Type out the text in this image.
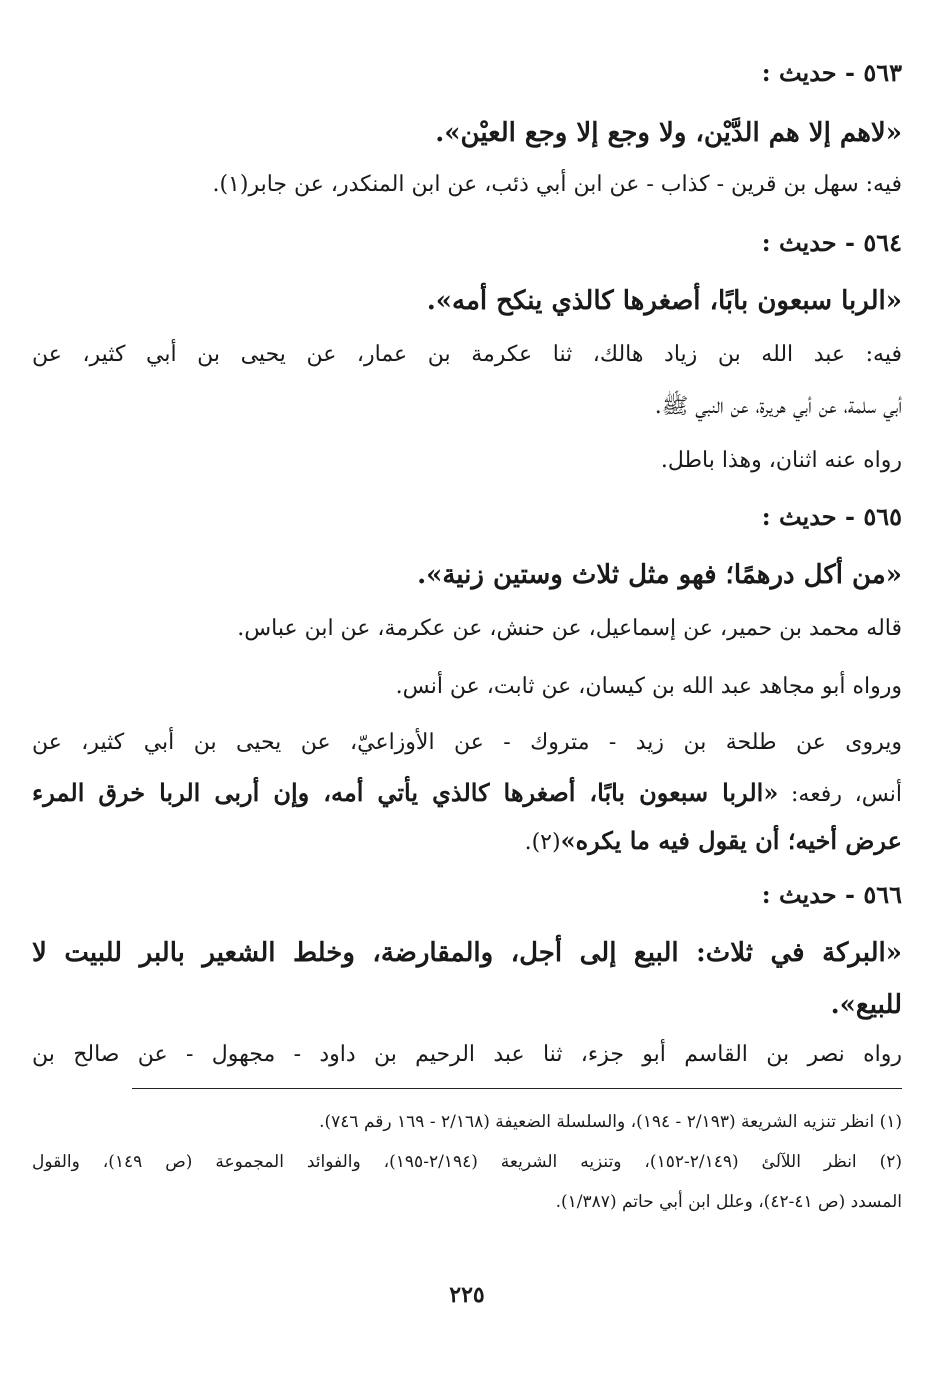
٥٦٣ - حديث :
«لاهم إلا هم الدَّيْن، ولا وجع إلا وجع العيْن».
فيه: سهل بن قرين - كذاب - عن ابن أبي ذئب، عن ابن المنكدر، عن جابر(١).
٥٦٤ - حديث :
«الربا سبعون بابًا، أصغرها كالذي ينكح أمه».
فيه: عبد الله بن زياد هالك، ثنا عكرمة بن عمار، عن يحيى بن أبي كثير، عن
أبي سلمة، عن أبي هريرة، عن النبي ﷺ.
رواه عنه اثنان، وهذا باطل.
٥٦٥ - حديث :
«من أكل درهمًا؛ فهو مثل ثلاث وستين زنية».
قاله محمد بن حمير، عن إسماعيل، عن حنش، عن عكرمة، عن ابن عباس.
ورواه أبو مجاهد عبد الله بن كيسان، عن ثابت، عن أنس.
ويروى عن طلحة بن زيد - متروك - عن الأوزاعيّ، عن يحيى بن أبي كثير، عن
أنس، رفعه: «الربا سبعون بابًا، أصغرها كالذي يأتي أمه، وإن أربى الربا خرق المرء
عرض أخيه؛ أن يقول فيه ما يكره»(٢).
٥٦٦ - حديث :
«البركة في ثلاث: البيع إلى أجل، والمقارضة، وخلط الشعير بالبر للبيت لا
للبيع».
رواه نصر بن القاسم أبو جزء، ثنا عبد الرحيم بن داود - مجهول - عن صالح بن
(١) انظر تنزيه الشريعة (٢/١٩٣ - ١٩٤)، والسلسلة الضعيفة (٢/١٦٨ - ١٦٩ رقم ٧٤٦).
(٢) انظر اللآلئ (٢/١٤٩-١٥٢)، وتنزيه الشريعة (٢/١٩٤-١٩٥)، والفوائد المجموعة (ص ١٤٩)، والقول
المسدد (ص ٤١-٤٢)، وعلل ابن أبي حاتم (١/٣٨٧).
٢٢٥
